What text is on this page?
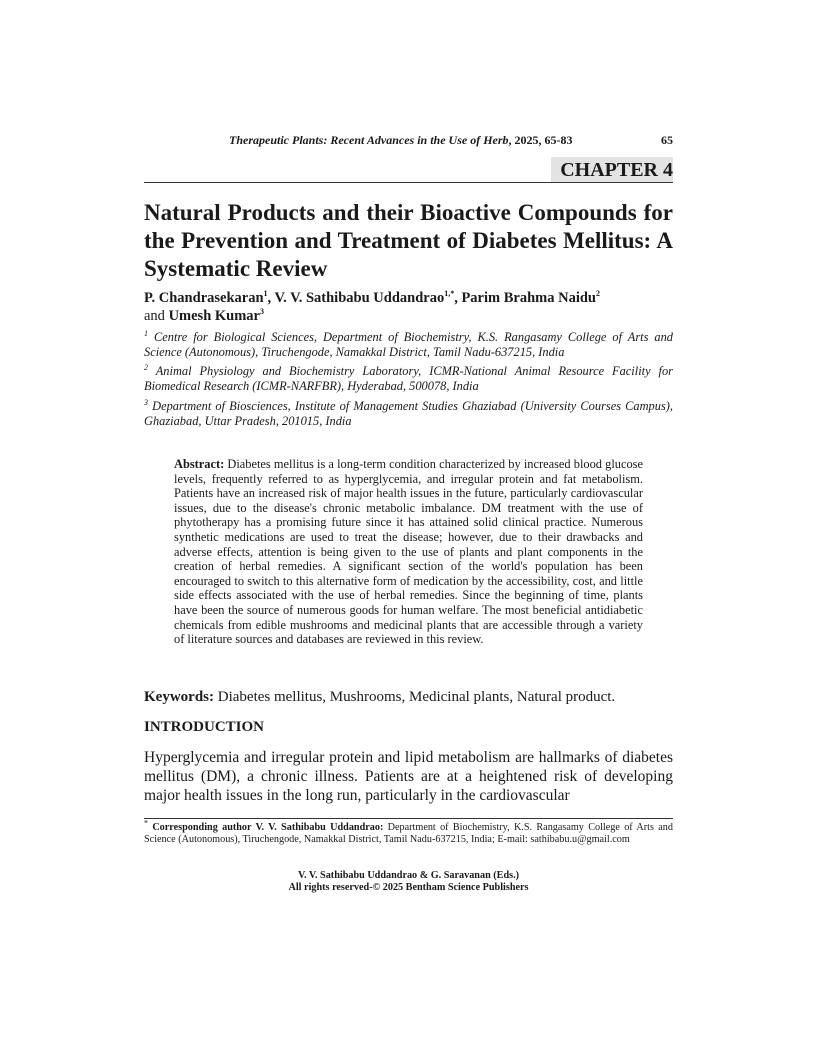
Therapeutic Plants: Recent Advances in the Use of Herb, 2025, 65-83	65
CHAPTER 4
Natural Products and their Bioactive Compounds for the Prevention and Treatment of Diabetes Mellitus: A Systematic Review
P. Chandrasekaran$^1$, V. V. Sathibabu Uddandrao$^{1,*}$, Parim Brahma Naidu$^2$
and Umesh Kumar$^3$
$^1$ Centre for Biological Sciences, Department of Biochemistry, K.S. Rangasamy College of Arts and Science (Autonomous), Tiruchengode, Namakkal District, Tamil Nadu-637215, India
$^2$ Animal Physiology and Biochemistry Laboratory, ICMR-National Animal Resource Facility for Biomedical Research (ICMR-NARFBR), Hyderabad, 500078, India
$^3$ Department of Biosciences, Institute of Management Studies Ghaziabad (University Courses Campus), Ghaziabad, Uttar Pradesh, 201015, India
Abstract: Diabetes mellitus is a long-term condition characterized by increased blood glucose levels, frequently referred to as hyperglycemia, and irregular protein and fat metabolism. Patients have an increased risk of major health issues in the future, particularly cardiovascular issues, due to the disease's chronic metabolic imbalance. DM treatment with the use of phytotherapy has a promising future since it has attained solid clinical practice. Numerous synthetic medications are used to treat the disease; however, due to their drawbacks and adverse effects, attention is being given to the use of plants and plant components in the creation of herbal remedies. A significant section of the world's population has been encouraged to switch to this alternative form of medication by the accessibility, cost, and little side effects associated with the use of herbal remedies. Since the beginning of time, plants have been the source of numerous goods for human welfare. The most beneficial antidiabetic chemicals from edible mushrooms and medicinal plants that are accessible through a variety of literature sources and databases are reviewed in this review.
Keywords: Diabetes mellitus, Mushrooms, Medicinal plants, Natural product.
INTRODUCTION
Hyperglycemia and irregular protein and lipid metabolism are hallmarks of diabetes mellitus (DM), a chronic illness. Patients are at a heightened risk of developing major health issues in the long run, particularly in the cardiovascular
* Corresponding author V. V. Sathibabu Uddandrao: Department of Biochemistry, K.S. Rangasamy College of Arts and Science (Autonomous), Tiruchengode, Namakkal District, Tamil Nadu-637215, India; E-mail: sathibabu.u@gmail.com
V. V. Sathibabu Uddandrao & G. Saravanan (Eds.)
All rights reserved-© 2025 Bentham Science Publishers
